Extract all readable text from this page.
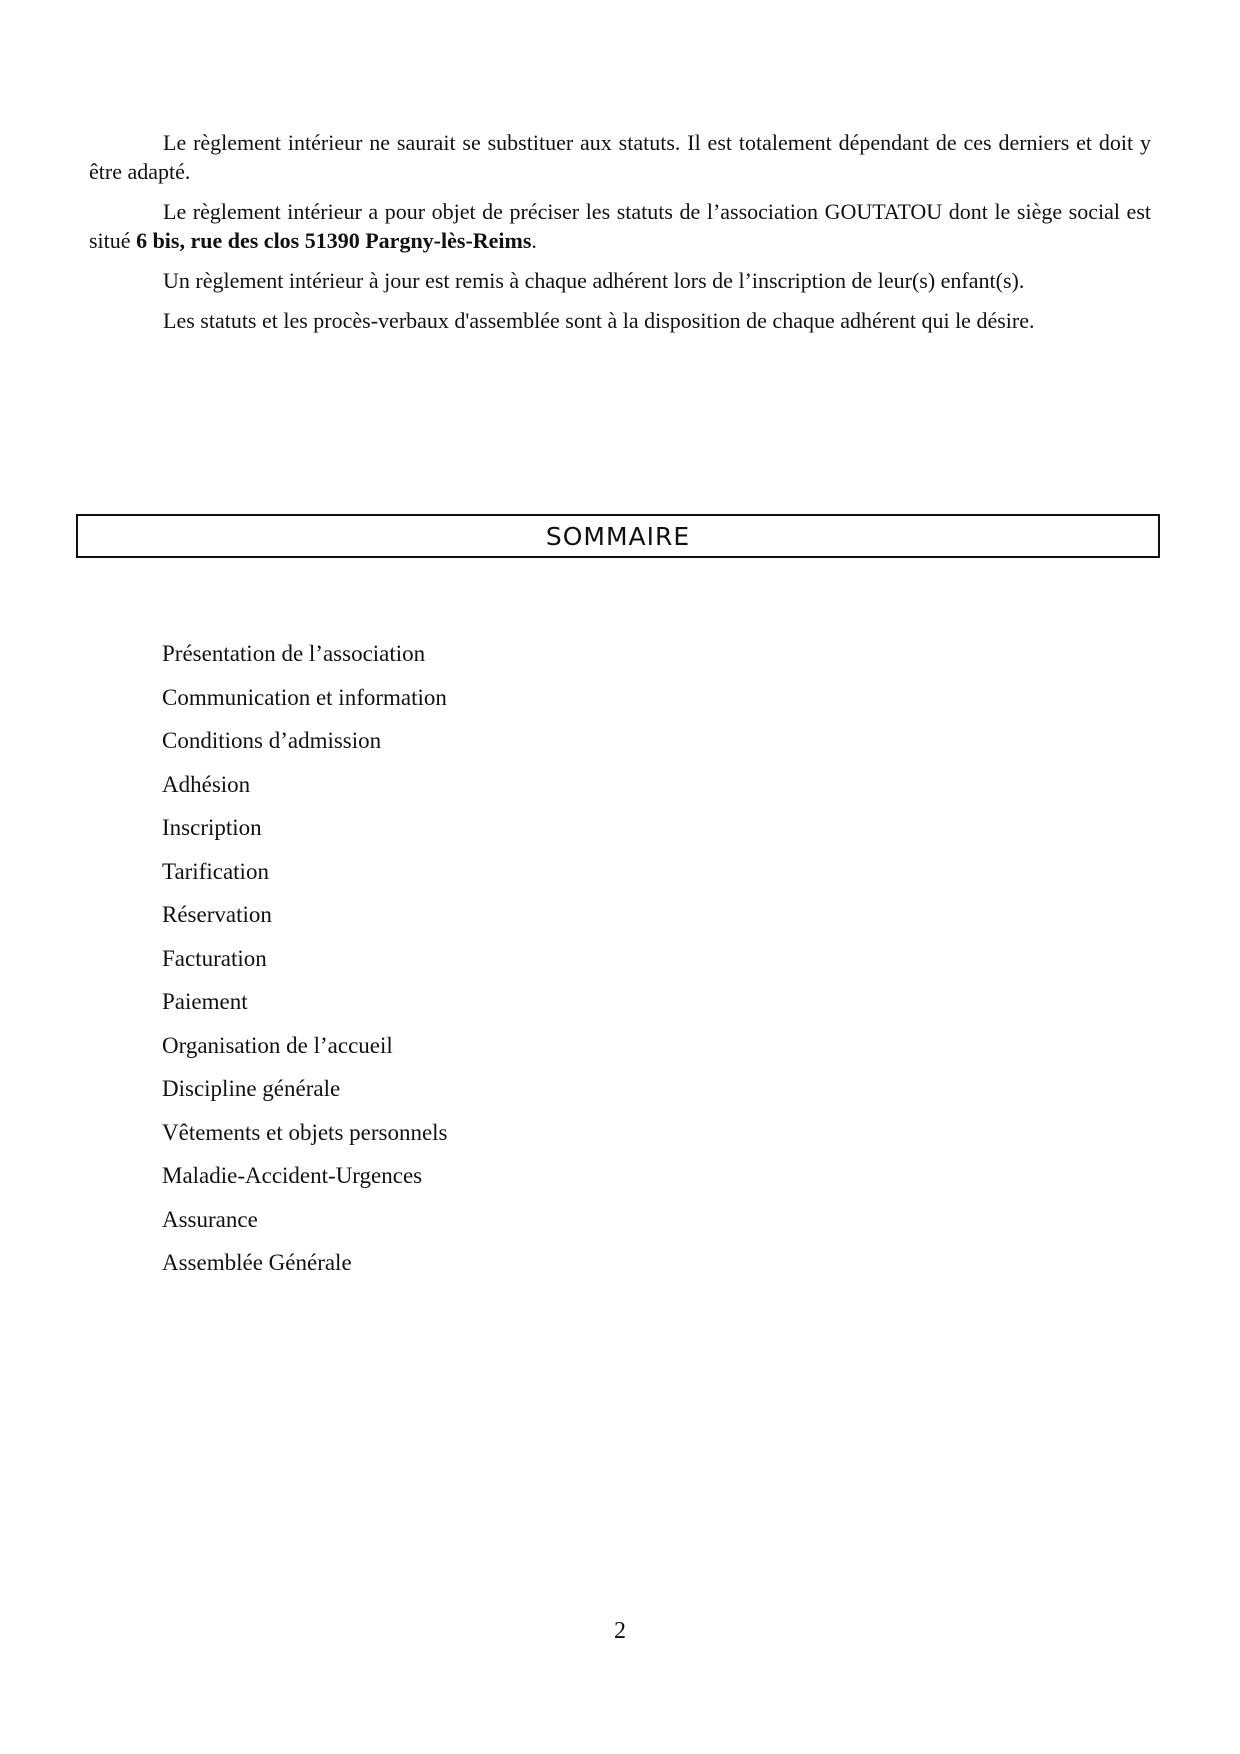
Le règlement intérieur ne saurait se substituer aux statuts. Il est totalement dépendant de ces derniers et doit y être adapté.

Le règlement intérieur a pour objet de préciser les statuts de l’association GOUTATOU dont le siège social est situé 6 bis, rue des clos 51390 Pargny-lès-Reims.

Un règlement intérieur à jour est remis à chaque adhérent lors de l’inscription de leur(s) enfant(s).

Les statuts et les procès-verbaux d'assemblée sont à la disposition de chaque adhérent qui le désire.

SOMMAIRE
Présentation de l’association
Communication et information
Conditions d’admission
Adhésion
Inscription
Tarification
Réservation
Facturation
Paiement
Organisation de l’accueil
Discipline générale
Vêtements et objets personnels
Maladie-Accident-Urgences
Assurance
Assemblée Générale
2
